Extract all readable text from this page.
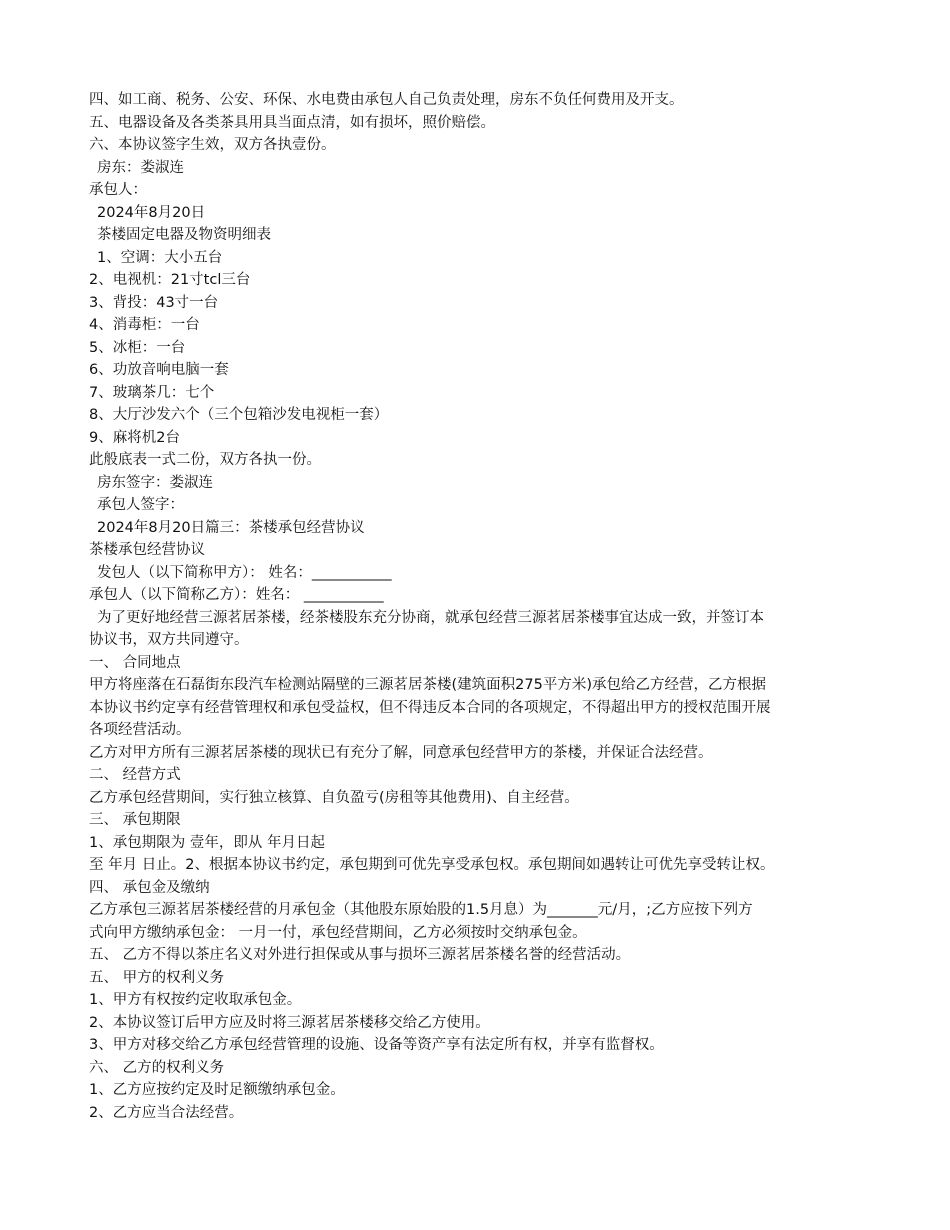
四、如工商、税务、公安、环保、水电费由承包人自己负责处理，房东不负任何费用及开支。

五、电器设备及各类茶具用具当面点清，如有损坏，照价赔偿。

六、本协议签字生效，双方各执壹份。

房东：娄淑连

承包人：

2024年8月20日

茶楼固定电器及物资明细表

1、空调：大小五台

2、电视机：21寸tcl三台

3、背投：43寸一台

4、消毒柜：一台

5、冰柜：一台

6、功放音响电脑一套

7、玻璃茶几：七个

8、大厅沙发六个（三个包箱沙发电视柜一套）

9、麻将机2台

此般底表一式二份，双方各执一份。

房东签字：娄淑连

承包人签字：

2024年8月20日篇三：茶楼承包经营协议

茶楼承包经营协议

发包人（以下简称甲方）： 姓名：___________

承包人（以下简称乙方）：姓名： ___________

为了更好地经营三源茗居茶楼，经茶楼股东充分协商，就承包经营三源茗居茶楼事宜达成一致，并签订本

协议书，双方共同遵守。

一、 合同地点

甲方将座落在石磊街东段汽车检测站隔壁的三源茗居茶楼(建筑面积275平方米)承包给乙方经营，乙方根据

本协议书约定享有经营管理权和承包受益权，但不得违反本合同的各项规定，不得超出甲方的授权范围开展

各项经营活动。

乙方对甲方所有三源茗居茶楼的现状已有充分了解，同意承包经营甲方的茶楼，并保证合法经营。

二、 经营方式

乙方承包经营期间，实行独立核算、自负盈亏(房租等其他费用)、自主经营。

三、 承包期限

1、承包期限为 壹年，即从 年月日起

至 年月 日止。2、根据本协议书约定，承包期到可优先享受承包权。承包期间如遇转让可优先享受转让权。

四、 承包金及缴纳

乙方承包三源茗居茶楼经营的月承包金（其他股东原始股的1.5月息）为_______元/月，;乙方应按下列方

式向甲方缴纳承包金： 一月一付，承包经营期间，乙方必须按时交纳承包金。

五、 乙方不得以茶庄名义对外进行担保或从事与损坏三源茗居茶楼名誉的经营活动。

五、 甲方的权利义务

1、甲方有权按约定收取承包金。

2、本协议签订后甲方应及时将三源茗居茶楼移交给乙方使用。

3、甲方对移交给乙方承包经营管理的设施、设备等资产享有法定所有权，并享有监督权。

六、 乙方的权利义务

1、乙方应按约定及时足额缴纳承包金。

2、乙方应当合法经营。
